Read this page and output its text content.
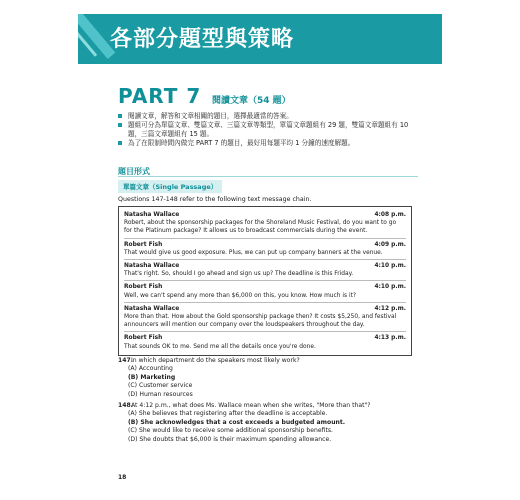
各部分題型與策略
PART 7 閱讀文章（54 題）
閱讀文章，解答和文章相關的題目，選擇最適當的答案。
題組可分為單篇文章、雙篇文章、三篇文章等類型，單篇文章題組有 29 題，雙篇文章題組有 10 題，三篇文章題組有 15 題。
為了在限制時間內做完 PART 7 的題目，最好用每題平均 1 分鐘的速度解題。
題目形式
單篇文章（Single Passage）
Questions 147-148 refer to the following text message chain.
Natasha Wallace	4:08 p.m.
Robert, about the sponsorship packages for the Shoreland Music Festival, do you want to go for the Platinum package? It allows us to broadcast commercials during the event.
Robert Fish	4:09 p.m.
That would give us good exposure. Plus, we can put up company banners at the venue.
Natasha Wallace	4:10 p.m.
That's right. So, should I go ahead and sign us up? The deadline is this Friday.
Robert Fish	4:10 p.m.
Well, we can't spend any more than $6,000 on this, you know. How much is it?
Natasha Wallace	4:12 p.m.
More than that. How about the Gold sponsorship package then? It costs $5,250, and festival announcers will mention our company over the loudspeakers throughout the day.
Robert Fish	4:13 p.m.
That sounds OK to me. Send me all the details once you're done.
147.In which department do the speakers most likely work?
(A) Accounting
(B) Marketing
(C) Customer service
(D) Human resources
148.At 4:12 p.m., what does Ms. Wallace mean when she writes, "More than that"?
(A) She believes that registering after the deadline is acceptable.
(B) She acknowledges that a cost exceeds a budgeted amount.
(C) She would like to receive some additional sponsorship benefits.
(D) She doubts that $6,000 is their maximum spending allowance.
18
